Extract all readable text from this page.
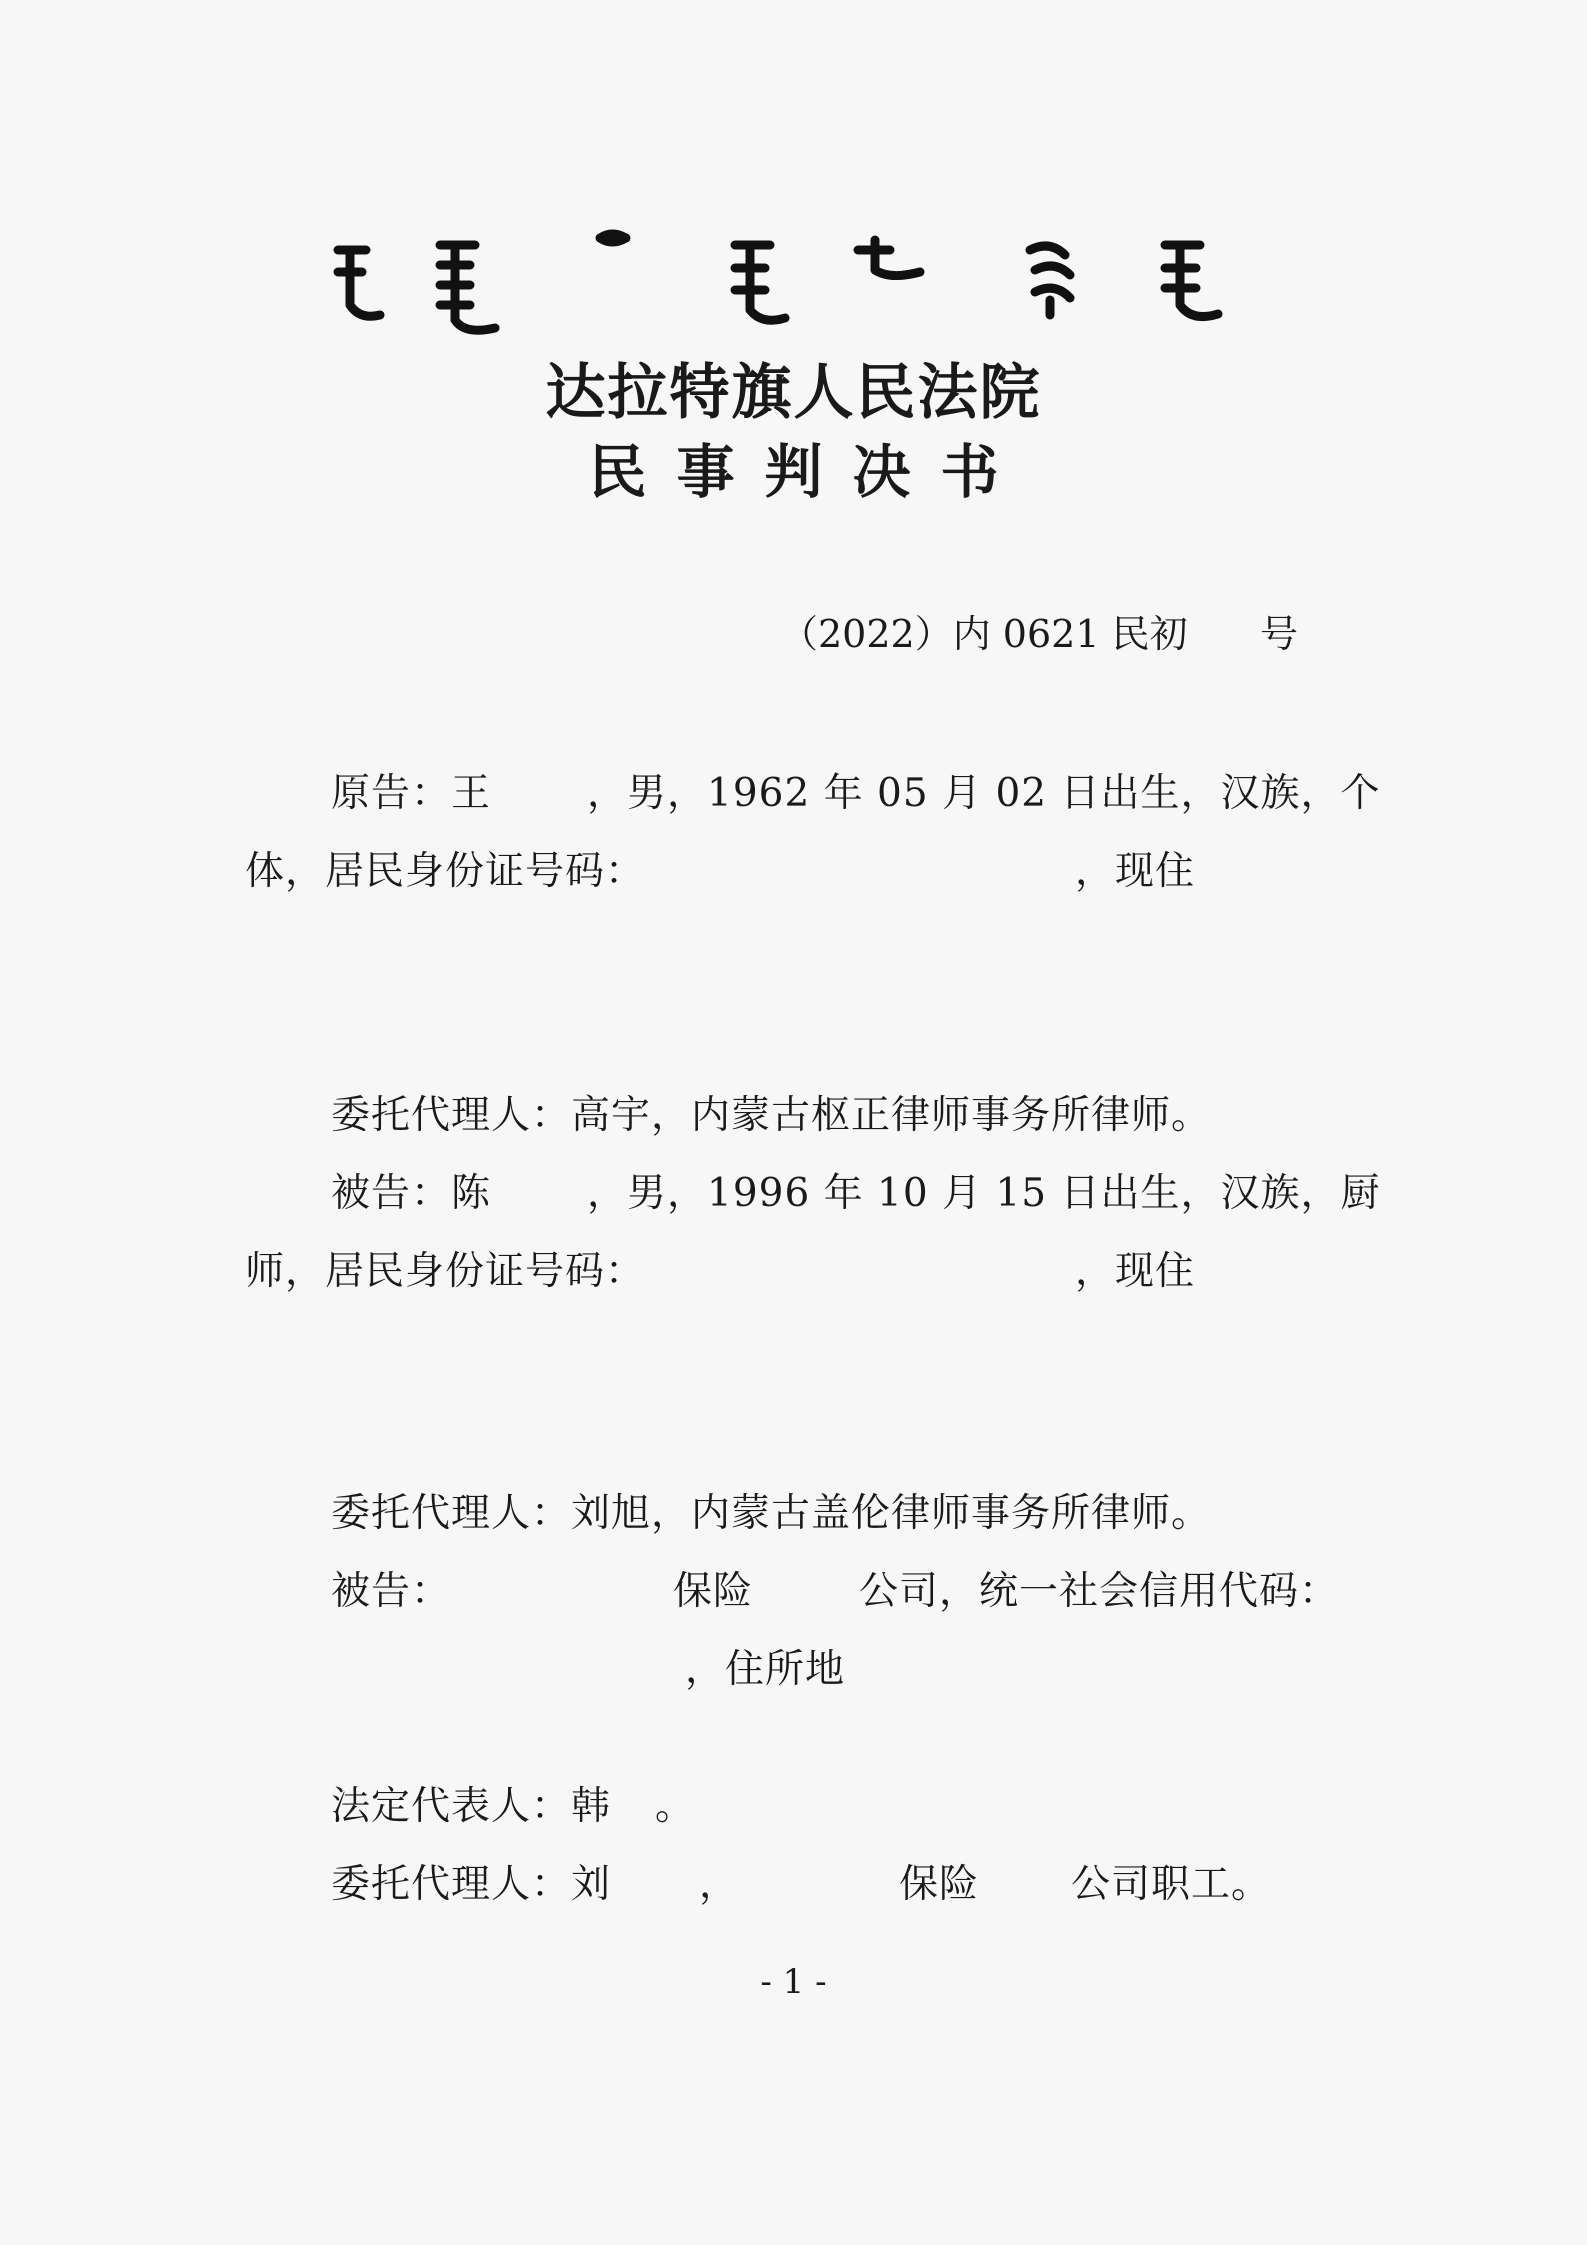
达拉特旗人民法院
民事判决书
（2022）内 0621 民初      号
原告：王 ，男，1962 年 05 月 02 日出生，汉族，个
体，居民身份证号码：	，现住
委托代理人：高宇，内蒙古枢正律师事务所律师。
被告：陈 ，男，1996 年 10 月 15 日出生，汉族，厨
师，居民身份证号码：	，现住
委托代理人：刘旭，内蒙古盖伦律师事务所律师。
被告：	保险	公司，统一社会信用代码：
，住所地
法定代表人：韩 。
委托代理人：刘 ，	保险 公司职工。
- 1 -
